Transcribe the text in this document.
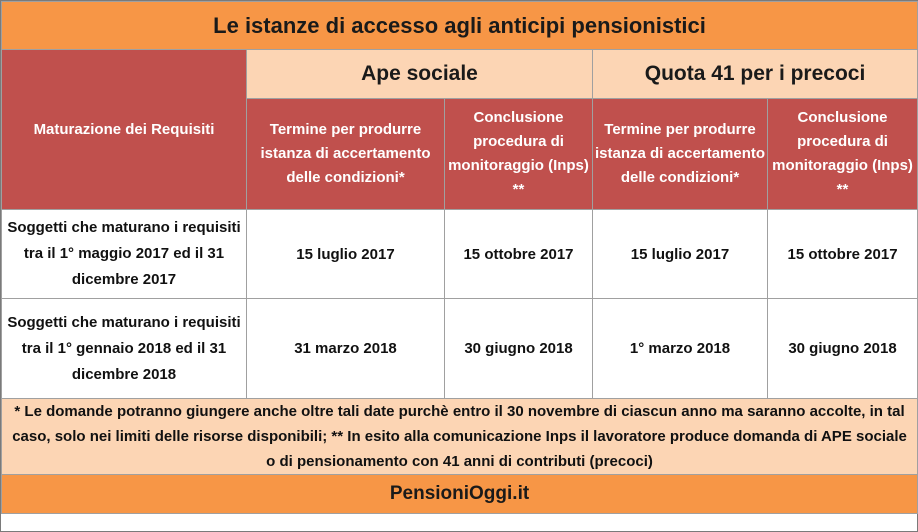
Le istanze di accesso agli anticipi pensionistici				
Maturazione dei Requisiti	Ape sociale		Quota 41 per i precoci	
	Termine per produrre istanza di accertamento delle condizioni*	Conclusione procedura di monitoraggio (Inps) **	Termine per produrre istanza di accertamento delle condizioni*	Conclusione procedura di monitoraggio (Inps) **
Soggetti che maturano i requisiti tra il 1° maggio 2017 ed il 31 dicembre 2017	15 luglio 2017	15 ottobre 2017	15 luglio 2017	15 ottobre 2017
Soggetti che maturano i requisiti tra il 1° gennaio 2018 ed il 31 dicembre 2018	31 marzo 2018	30 giugno 2018	1° marzo 2018	30 giugno 2018
* Le domande potranno giungere anche oltre tali date purchè entro il 30 novembre di ciascun anno ma saranno accolte, in tal caso, solo nei limiti delle risorse disponibili; ** In esito alla comunicazione Inps il lavoratore produce domanda di APE sociale o di pensionamento con 41 anni di contributi (precoci)				
PensioniOggi.it				
